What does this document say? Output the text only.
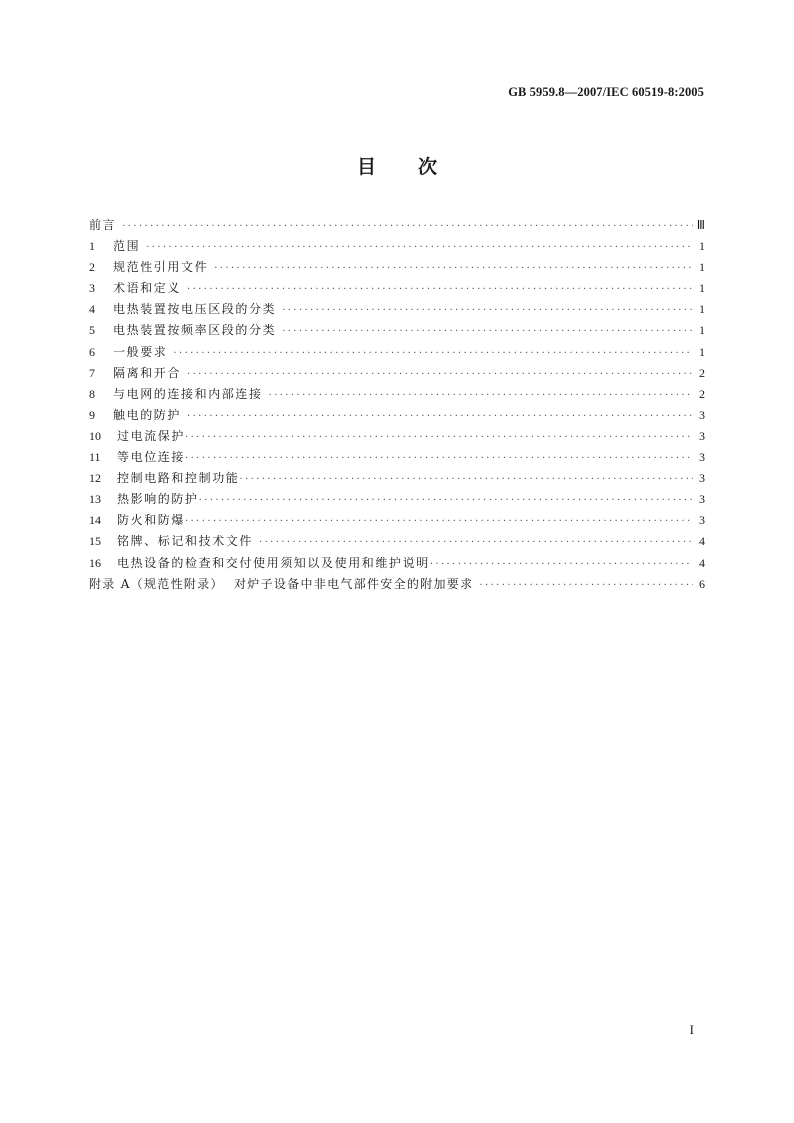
GB 5959.8—2007/IEC 60519-8:2005
目 次
前言 ·····	Ⅲ
1	范围 ·····	1
2	规范性引用文件 ·····	1
3	术语和定义 ·····	1
4	电热装置按电压区段的分类 ·····	1
5	电热装置按频率区段的分类 ·····	1
6	一般要求 ·····	1
7	隔离和开合 ·····	2
8	与电网的连接和内部连接 ·····	2
9	触电的防护 ·····	3
10	过电流保护 ·····	3
11	等电位连接 ·····	3
12	控制电路和控制功能 ·····	3
13	热影响的防护 ·····	3
14	防火和防爆 ·····	3
15	铭牌、标记和技术文件 ·····	4
16	电热设备的检查和交付使用须知以及使用和维护说明 ·····	4
附录 A（规范性附录）  对炉子设备中非电气部件安全的附加要求 ·····	6
I
